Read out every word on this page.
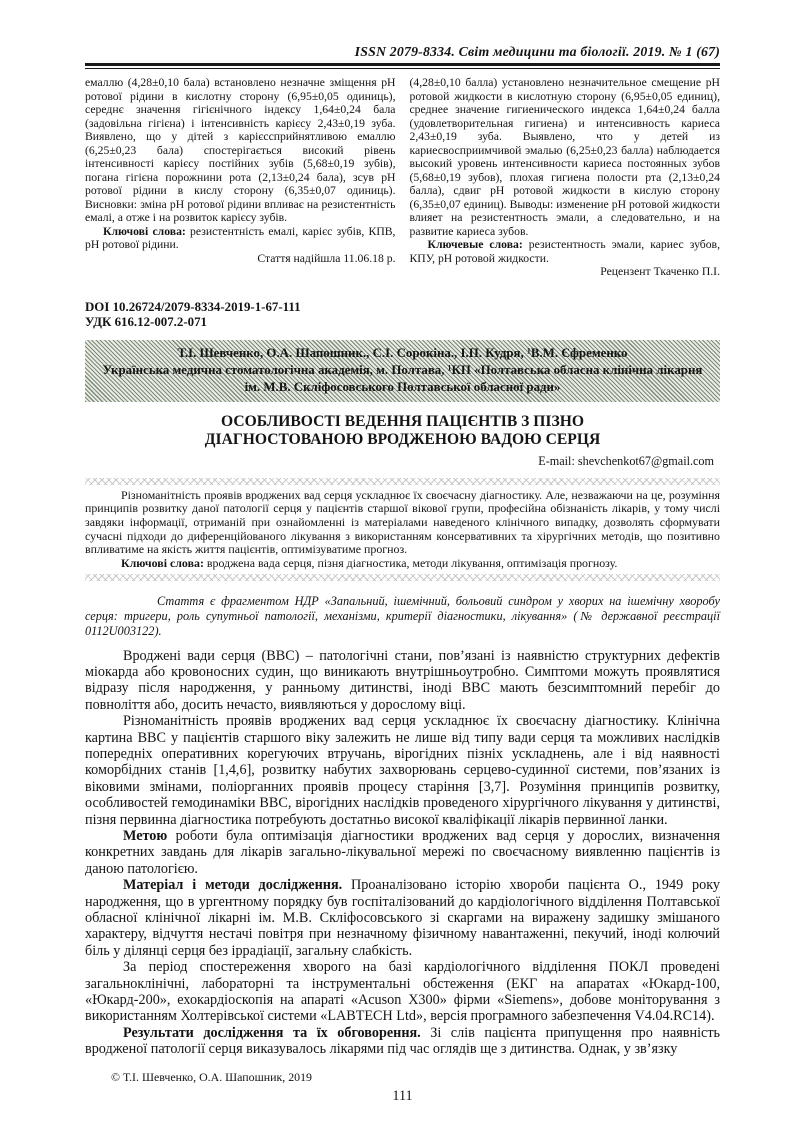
ISSN 2079-8334. Світ медицини та біології. 2019. № 1 (67)

емаллю (4,28±0,10 бала) встановлено незначне зміщення pH ротової рідини в кислотну сторону (6,95±0,05 одиниць), середнє значення гігієнічного індексу 1,64±0,24 бала (задовільна гігієна) і інтенсивність карієсу 2,43±0,19 зуба. Виявлено, що у дітей з карієссприйнятливою емаллю (6,25±0,23 бала) спостерігається високий рівень інтенсивності карієсу постійних зубів (5,68±0,19 зубів), погана гігієна порожнини рота (2,13±0,24 бала), зсув pH ротової рідини в кислу сторону (6,35±0,07 одиниць). Висновки: зміна pH ротової рідини впливає на резистентність емалі, а отже і на розвиток карієсу зубів.

Ключові слова: резистентність емалі, карієс зубів, КПВ, pH ротової рідини.

Стаття надійшла 11.06.18 р.

(4,28±0,10 балла) установлено незначительное смещение pH ротовой жидкости в кислотную сторону (6,95±0,05 единиц), среднее значение гигиенического индекса 1,64±0,24 балла (удовлетворительная гигиена) и интенсивность кариеса 2,43±0,19 зуба. Выявлено, что у детей из кариесвосприимчивой эмалью (6,25±0,23 балла) наблюдается высокий уровень интенсивности кариеса постоянных зубов (5,68±0,19 зубов), плохая гигиена полости рта (2,13±0,24 балла), сдвиг pH ротовой жидкости в кислую сторону (6,35±0,07 единиц). Выводы: изменение pH ротовой жидкости влияет на резистентность эмали, а следовательно, и на развитие кариеса зубов.

Ключевые слова: резистентность эмали, кариес зубов, КПУ, pH ротовой жидкости.

Рецензент Ткаченко П.І.

DOI 10.26724/2079-8334-2019-1-67-111
УДК 616.12-007.2-071

Т.І. Шевченко, О.А. Шапошник., С.І. Сорокіна., І.П. Кудря, ¹В.М. Єфременко

Українська медична стоматологічна академія, м. Полтава, ¹КП «Полтавська обласна клінічна лікарня ім. М.В. Скліфосовського Полтавської обласної ради»

ОСОБЛИВОСТІ ВЕДЕННЯ ПАЦІЄНТІВ З ПІЗНО ДІАГНОСТОВАНОЮ ВРОДЖЕНОЮ ВАДОЮ СЕРЦЯ
E-mail: shevchenkot67@gmail.com

Різноманітність проявів вроджених вад серця ускладнює їх своєчасну діагностику. Але, незважаючи на це, розуміння принципів розвитку даної патології серця у пацієнтів старшої вікової групи, професійна обізнаність лікарів, у тому числі завдяки інформації, отриманій при ознайомленні із матеріалами наведеного клінічного випадку, дозволять сформувати сучасні підходи до диференційованого лікування з використанням консервативних та хірургічних методів, що позитивно впливатиме на якість життя пацієнтів, оптимізуватиме прогноз.

Ключові слова: вроджена вада серця, пізня діагностика, методи лікування, оптимізація прогнозу.

Стаття є фрагментом НДР «Запальний, ішемічний, больовий синдром у хворих на ішемічну хворобу серця: тригери, роль супутньої патології, механізми, критерії діагностики, лікування» (№ державної реєстрації 0112U003122).

Вроджені вади серця (ВВС) – патологічні стани, пов’язані із наявністю структурних дефектів міокарда або кровоносних судин, що виникають внутрішньоутробно. Симптоми можуть проявлятися відразу після народження, у ранньому дитинстві, іноді ВВС мають безсимптомний перебіг до повноліття або, досить нечасто, виявляються у дорослому віці.

Різноманітність проявів вроджених вад серця ускладнює їх своєчасну діагностику. Клінічна картина ВВС у пацієнтів старшого віку залежить не лише від типу вади серця та можливих наслідків попередніх оперативних корегуючих втручань, вірогідних пізніх ускладнень, але і від наявності коморбідних станів [1,4,6], розвитку набутих захворювань серцево-судинної системи, пов’язаних із віковими змінами, поліорганних проявів процесу старіння [3,7]. Розуміння принципів розвитку, особливостей гемодинаміки ВВС, вірогідних наслідків проведеного хірургічного лікування у дитинстві, пізня первинна діагностика потребують достатньо високої кваліфікації лікарів первинної ланки.

Метою роботи була оптимізація діагностики вроджених вад серця у дорослих, визначення конкретних завдань для лікарів загально-лікувальної мережі по своєчасному виявленню пацієнтів із даною патологією.

Матеріал і методи дослідження. Проаналізовано історію хвороби пацієнта О., 1949 року народження, що в ургентному порядку був госпіталізований до кардіологічного відділення Полтавської обласної клінічної лікарні ім. М.В. Скліфосовського зі скаргами на виражену задишку змішаного характеру, відчуття нестачі повітря при незначному фізичному навантаженні, пекучий, іноді колючий біль у ділянці серця без іррадіації, загальну слабкість.

За період спостереження хворого на базі кардіологічного відділення ПОКЛ проведені загальноклінічні, лабораторні та інструментальні обстеження (ЕКГ на апаратах «Юкард-100, «Юкард-200», ехокардіоскопія на апараті «Acuson X300» фірми «Siemens», добове моніторування з використанням Холтерівської системи «LABTECH Ltd», версія програмного забезпечення V4.04.RC14).

Результати дослідження та їх обговорення. Зі слів пацієнта припущення про наявність вродженої патології серця виказувалось лікарями під час оглядів ще з дитинства. Однак, у зв’язку

© Т.І. Шевченко, О.А. Шапошник, 2019
111
